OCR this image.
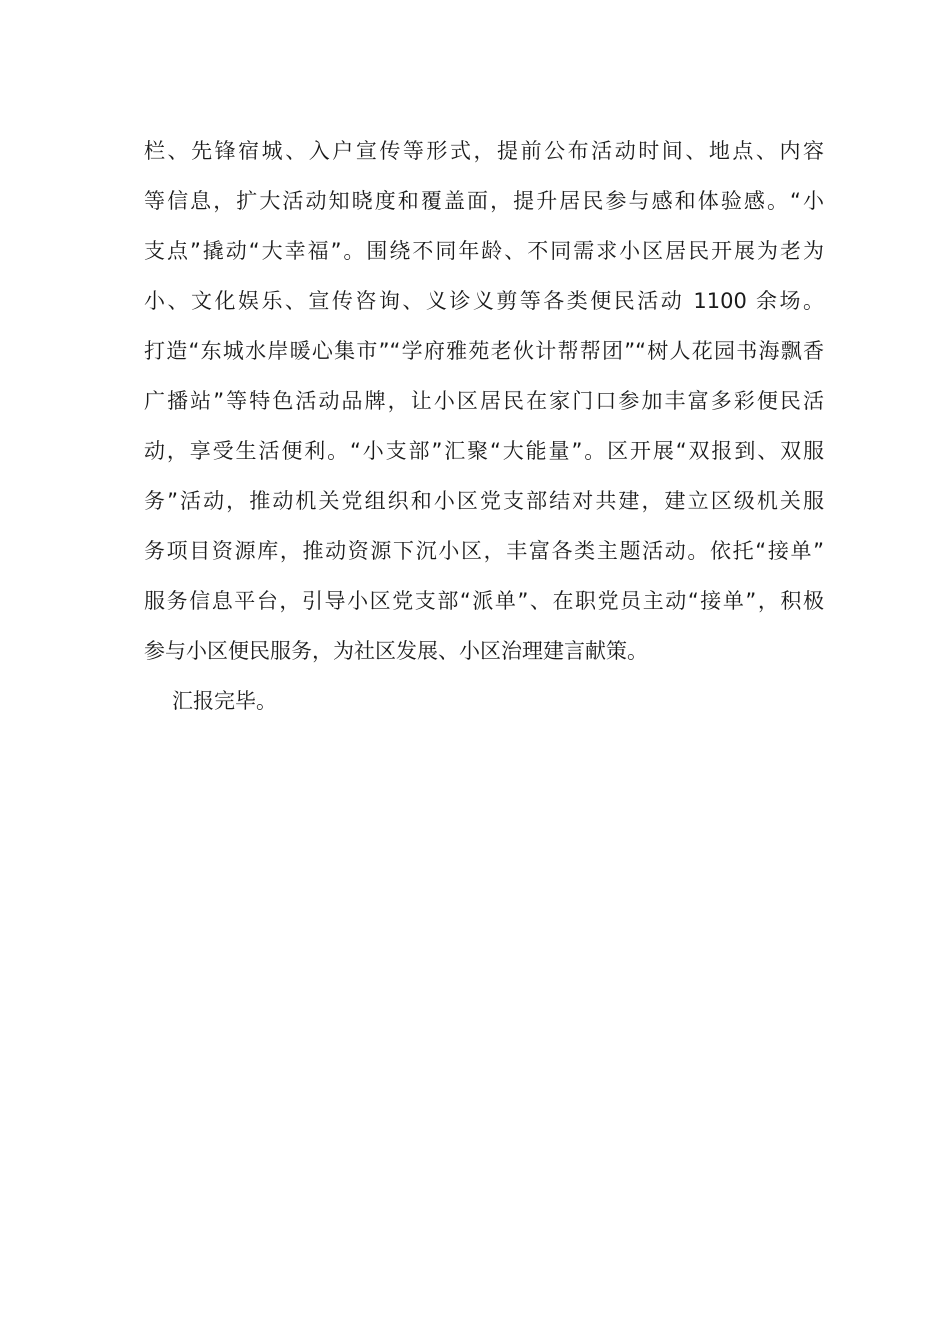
栏、先锋宿城、入户宣传等形式，提前公布活动时间、地点、内容
等信息，扩大活动知晓度和覆盖面，提升居民参与感和体验感。“小
支点”撬动“大幸福”。围绕不同年龄、不同需求小区居民开展为老为
小、文化娱乐、宣传咨询、义诊义剪等各类便民活动 1100 余场。
打造“东城水岸暖心集市”“学府雅苑老伙计帮帮团”“树人花园书海飘香
广播站”等特色活动品牌，让小区居民在家门口参加丰富多彩便民活
动，享受生活便利。“小支部”汇聚“大能量”。区开展“双报到、双服
务”活动，推动机关党组织和小区党支部结对共建，建立区级机关服
务项目资源库，推动资源下沉小区，丰富各类主题活动。依托“接单”
服务信息平台，引导小区党支部“派单”、在职党员主动“接单”，积极
参与小区便民服务，为社区发展、小区治理建言献策。
汇报完毕。
